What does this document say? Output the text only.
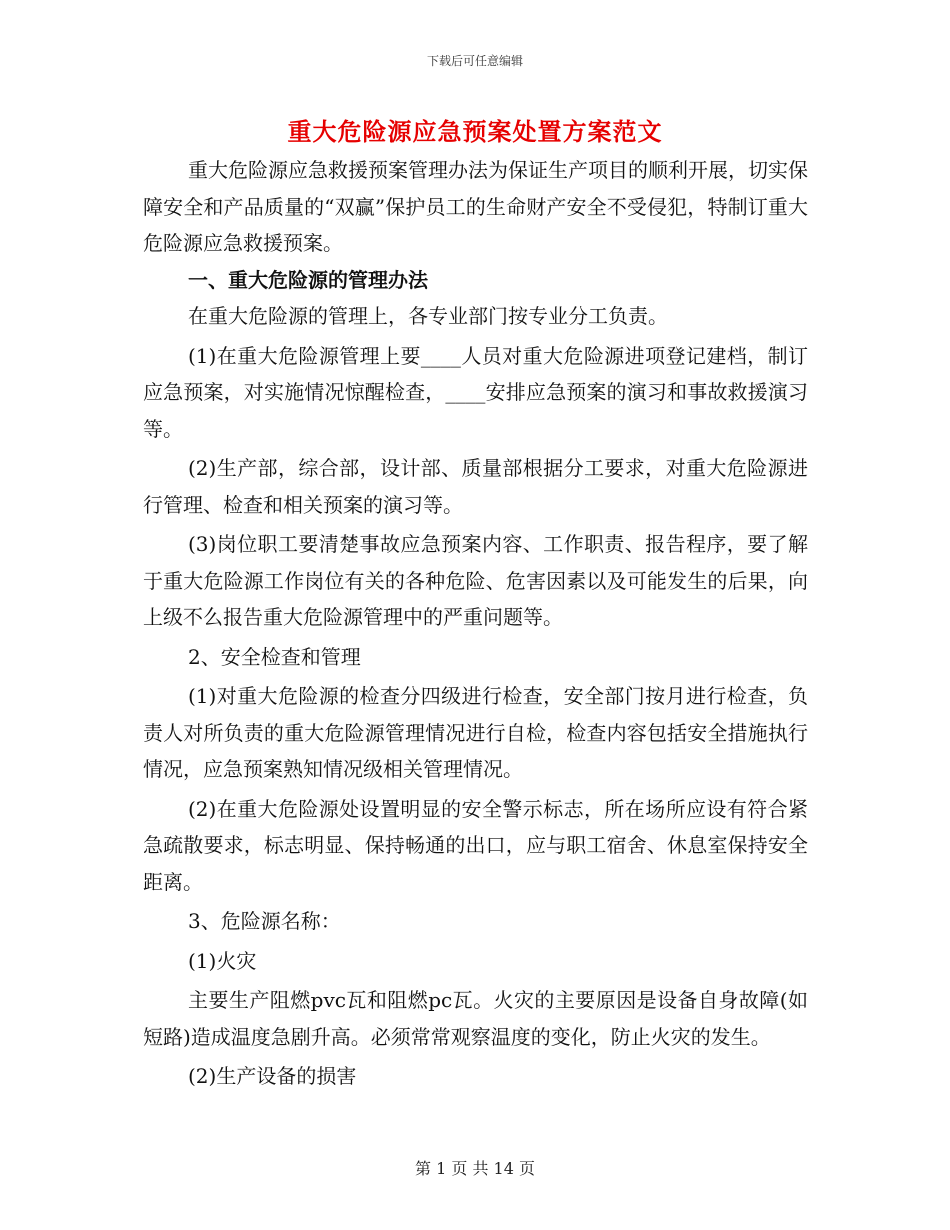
下载后可任意编辑
重大危险源应急预案处置方案范文

重大危险源应急救援预案管理办法为保证生产项目的顺利开展，切实保障安全和产品质量的“双赢”保护员工的生命财产安全不受侵犯，特制订重大危险源应急救援预案。

一、重大危险源的管理办法

在重大危险源的管理上，各专业部门按专业分工负责。

(1)在重大危险源管理上要____人员对重大危险源进项登记建档，制订应急预案，对实施情况惊醒检查，____安排应急预案的演习和事故救援演习等。

(2)生产部，综合部，设计部、质量部根据分工要求，对重大危险源进行管理、检查和相关预案的演习等。

(3)岗位职工要清楚事故应急预案内容、工作职责、报告程序，要了解于重大危险源工作岗位有关的各种危险、危害因素以及可能发生的后果，向上级不么报告重大危险源管理中的严重问题等。

2、安全检查和管理

(1)对重大危险源的检查分四级进行检查，安全部门按月进行检查，负责人对所负责的重大危险源管理情况进行自检，检查内容包括安全措施执行情况，应急预案熟知情况级相关管理情况。

(2)在重大危险源处设置明显的安全警示标志，所在场所应设有符合紧急疏散要求，标志明显、保持畅通的出口，应与职工宿舍、休息室保持安全距离。

3、危险源名称：

(1)火灾

主要生产阻燃pvc瓦和阻燃pc瓦。火灾的主要原因是设备自身故障(如短路)造成温度急剧升高。必须常常观察温度的变化，防止火灾的发生。

(2)生产设备的损害

第 1 页 共 14 页
